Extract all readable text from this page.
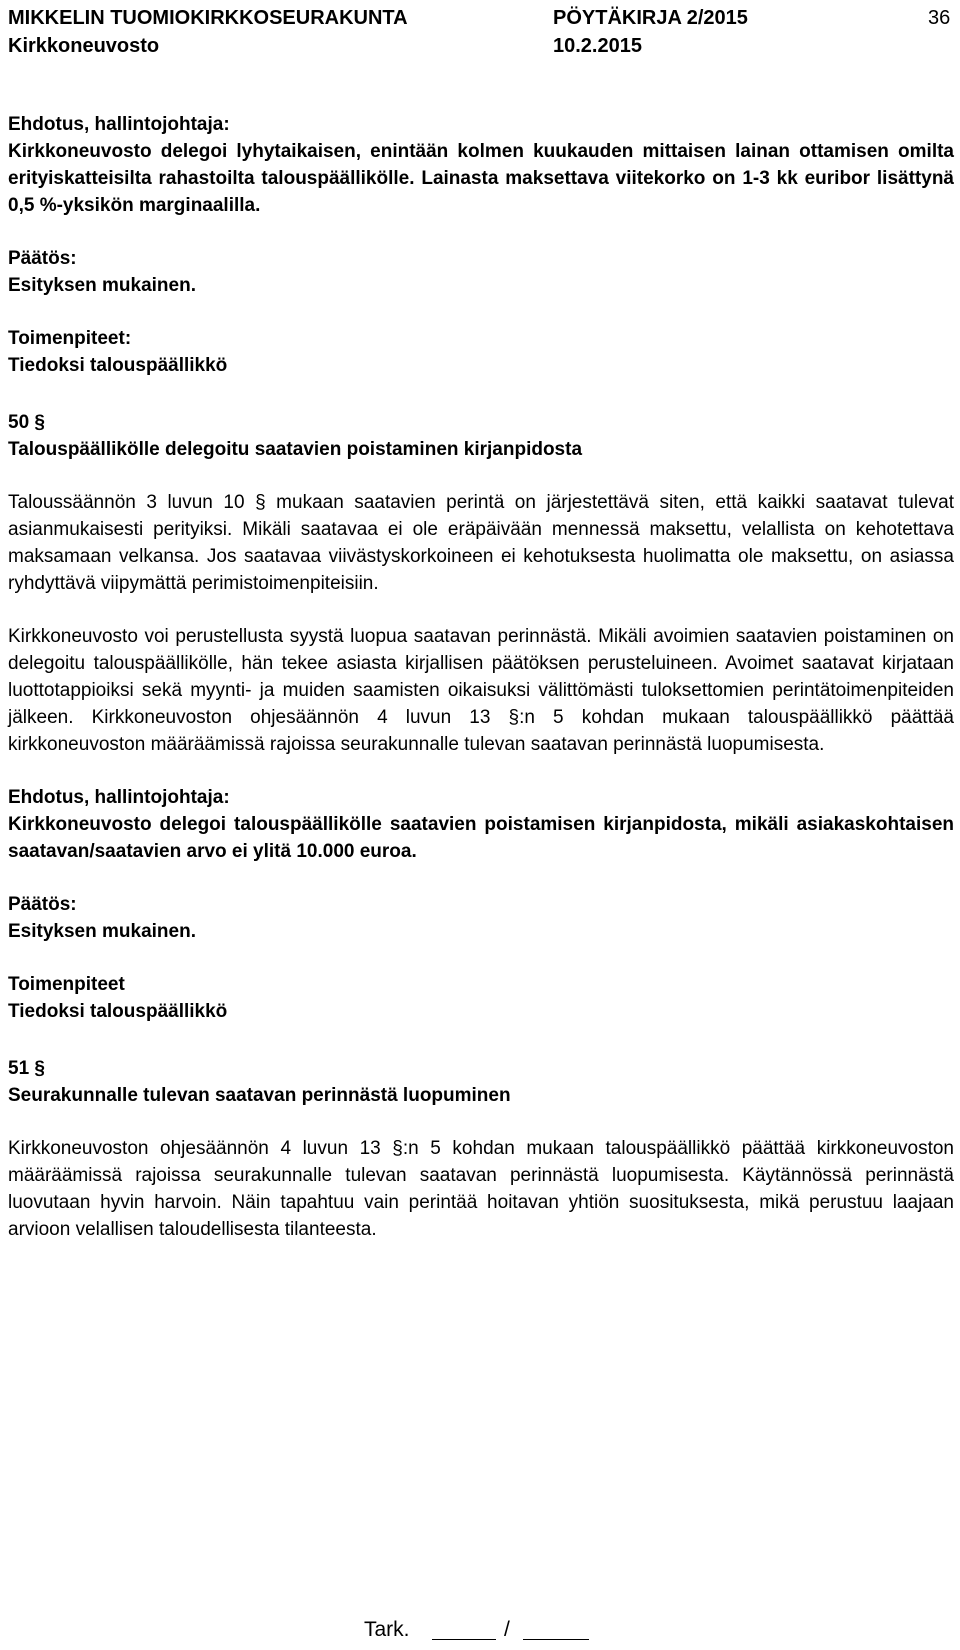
MIKKELIN TUOMIOKIRKKOSEURAKUNTA	PÖYTÄKIRJA 2/2015	36
Kirkkoneuvosto	10.2.2015

Ehdotus, hallintojohtaja:

Kirkkoneuvosto delegoi lyhytaikaisen, enintään kolmen kuukauden mittaisen lainan ottamisen omilta erityiskatteisilta rahastoilta talouspäällikölle. Lainasta maksettava viitekorko on 1-3 kk euribor lisättynä 0,5 %-yksikön marginaalilla.

Päätös:

Esityksen mukainen.

Toimenpiteet:

Tiedoksi talouspäällikkö

50 §

Talouspäällikölle delegoitu saatavien poistaminen kirjanpidosta

Taloussäännön 3 luvun 10 § mukaan saatavien perintä on järjestettävä siten, että kaikki saatavat tulevat asianmukaisesti perityiksi. Mikäli saatavaa ei ole eräpäivään mennessä maksettu, velallista on kehotettava maksamaan velkansa. Jos saatavaa viivästyskorkoineen ei kehotuksesta huolimatta ole maksettu, on asiassa ryhdyttävä viipymättä perimistoimenpiteisiin.

Kirkkoneuvosto voi perustellusta syystä luopua saatavan perinnästä. Mikäli avoimien saatavien poistaminen on delegoitu talouspäällikölle, hän tekee asiasta kirjallisen päätöksen perusteluineen. Avoimet saatavat kirjataan luottotappioiksi sekä myynti- ja muiden saamisten oikaisuksi välittömästi tuloksettomien perintätoimenpiteiden jälkeen. Kirkkoneuvoston ohjesäännön 4 luvun 13 §:n 5 kohdan mukaan talouspäällikkö päättää kirkkoneuvoston määräämissä rajoissa seurakunnalle tulevan saatavan perinnästä luopumisesta.

Ehdotus, hallintojohtaja:

Kirkkoneuvosto delegoi talouspäällikölle saatavien poistamisen kirjanpidosta, mikäli asiakaskohtaisen saatavan/saatavien arvo ei ylitä 10.000 euroa.

Päätös:

Esityksen mukainen.

Toimenpiteet

Tiedoksi talouspäällikkö

51 §

Seurakunnalle tulevan saatavan perinnästä luopuminen

Kirkkoneuvoston ohjesäännön 4 luvun 13 §:n 5 kohdan mukaan talouspäällikkö päättää kirkkoneuvoston määräämissä rajoissa seurakunnalle tulevan saatavan perinnästä luopumisesta. Käytännössä perinnästä luovutaan hyvin harvoin. Näin tapahtuu vain perintää hoitavan yhtiön suosituksesta, mikä perustuu laajaan arvioon velallisen taloudellisesta tilanteesta.

Tark.	/
